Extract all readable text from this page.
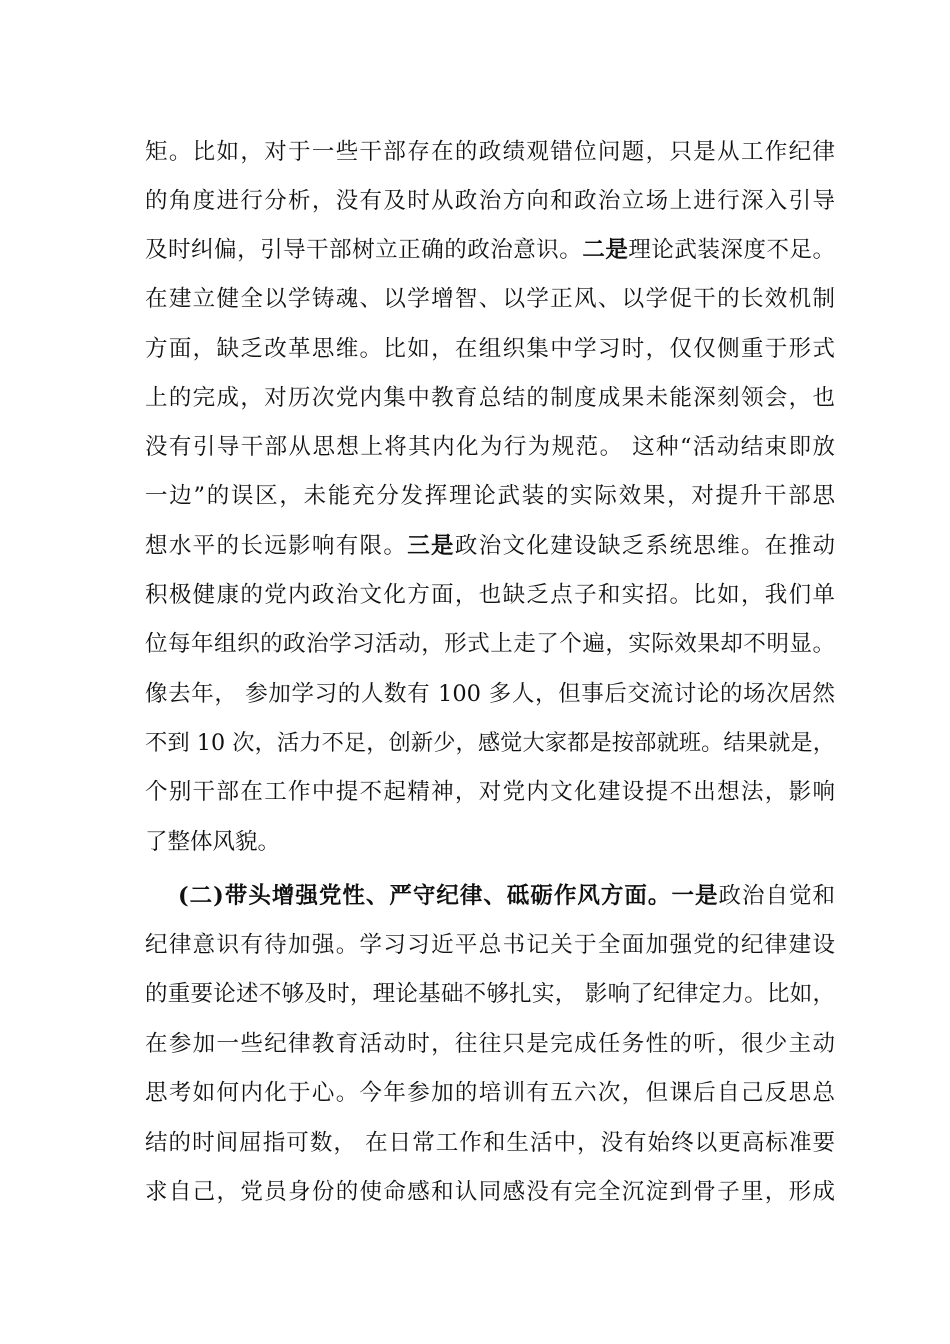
矩。比如，对于一些干部存在的政绩观错位问题，只是从工作纪律
的角度进行分析，没有及时从政治方向和政治立场上进行深入引导
及时纠偏，引导干部树立正确的政治意识。二是理论武装深度不足。
在建立健全以学铸魂、以学增智、以学正风、以学促干的长效机制
方面，缺乏改革思维。比如，在组织集中学习时，仅仅侧重于形式
上的完成，对历次党内集中教育总结的制度成果未能深刻领会，也
没有引导干部从思想上将其内化为行为规范。 这种“活动结束即放
一边”的误区，未能充分发挥理论武装的实际效果，对提升干部思
想水平的长远影响有限。三是政治文化建设缺乏系统思维。在推动
积极健康的党内政治文化方面，也缺乏点子和实招。比如，我们单
位每年组织的政治学习活动，形式上走了个遍，实际效果却不明显。
像去年， 参加学习的人数有 100 多人，但事后交流讨论的场次居然
不到 10 次，活力不足，创新少，感觉大家都是按部就班。结果就是，
个别干部在工作中提不起精神，对党内文化建设提不出想法，影响
了整体风貌。
(二)带头增强党性、严守纪律、砥砺作风方面。一是政治自觉和
纪律意识有待加强。学习习近平总书记关于全面加强党的纪律建设
的重要论述不够及时，理论基础不够扎实， 影响了纪律定力。比如，
在参加一些纪律教育活动时，往往只是完成任务性的听，很少主动
思考如何内化于心。今年参加的培训有五六次，但课后自己反思总
结的时间屈指可数， 在日常工作和生活中，没有始终以更高标准要
求自己，党员身份的使命感和认同感没有完全沉淀到骨子里，形成
